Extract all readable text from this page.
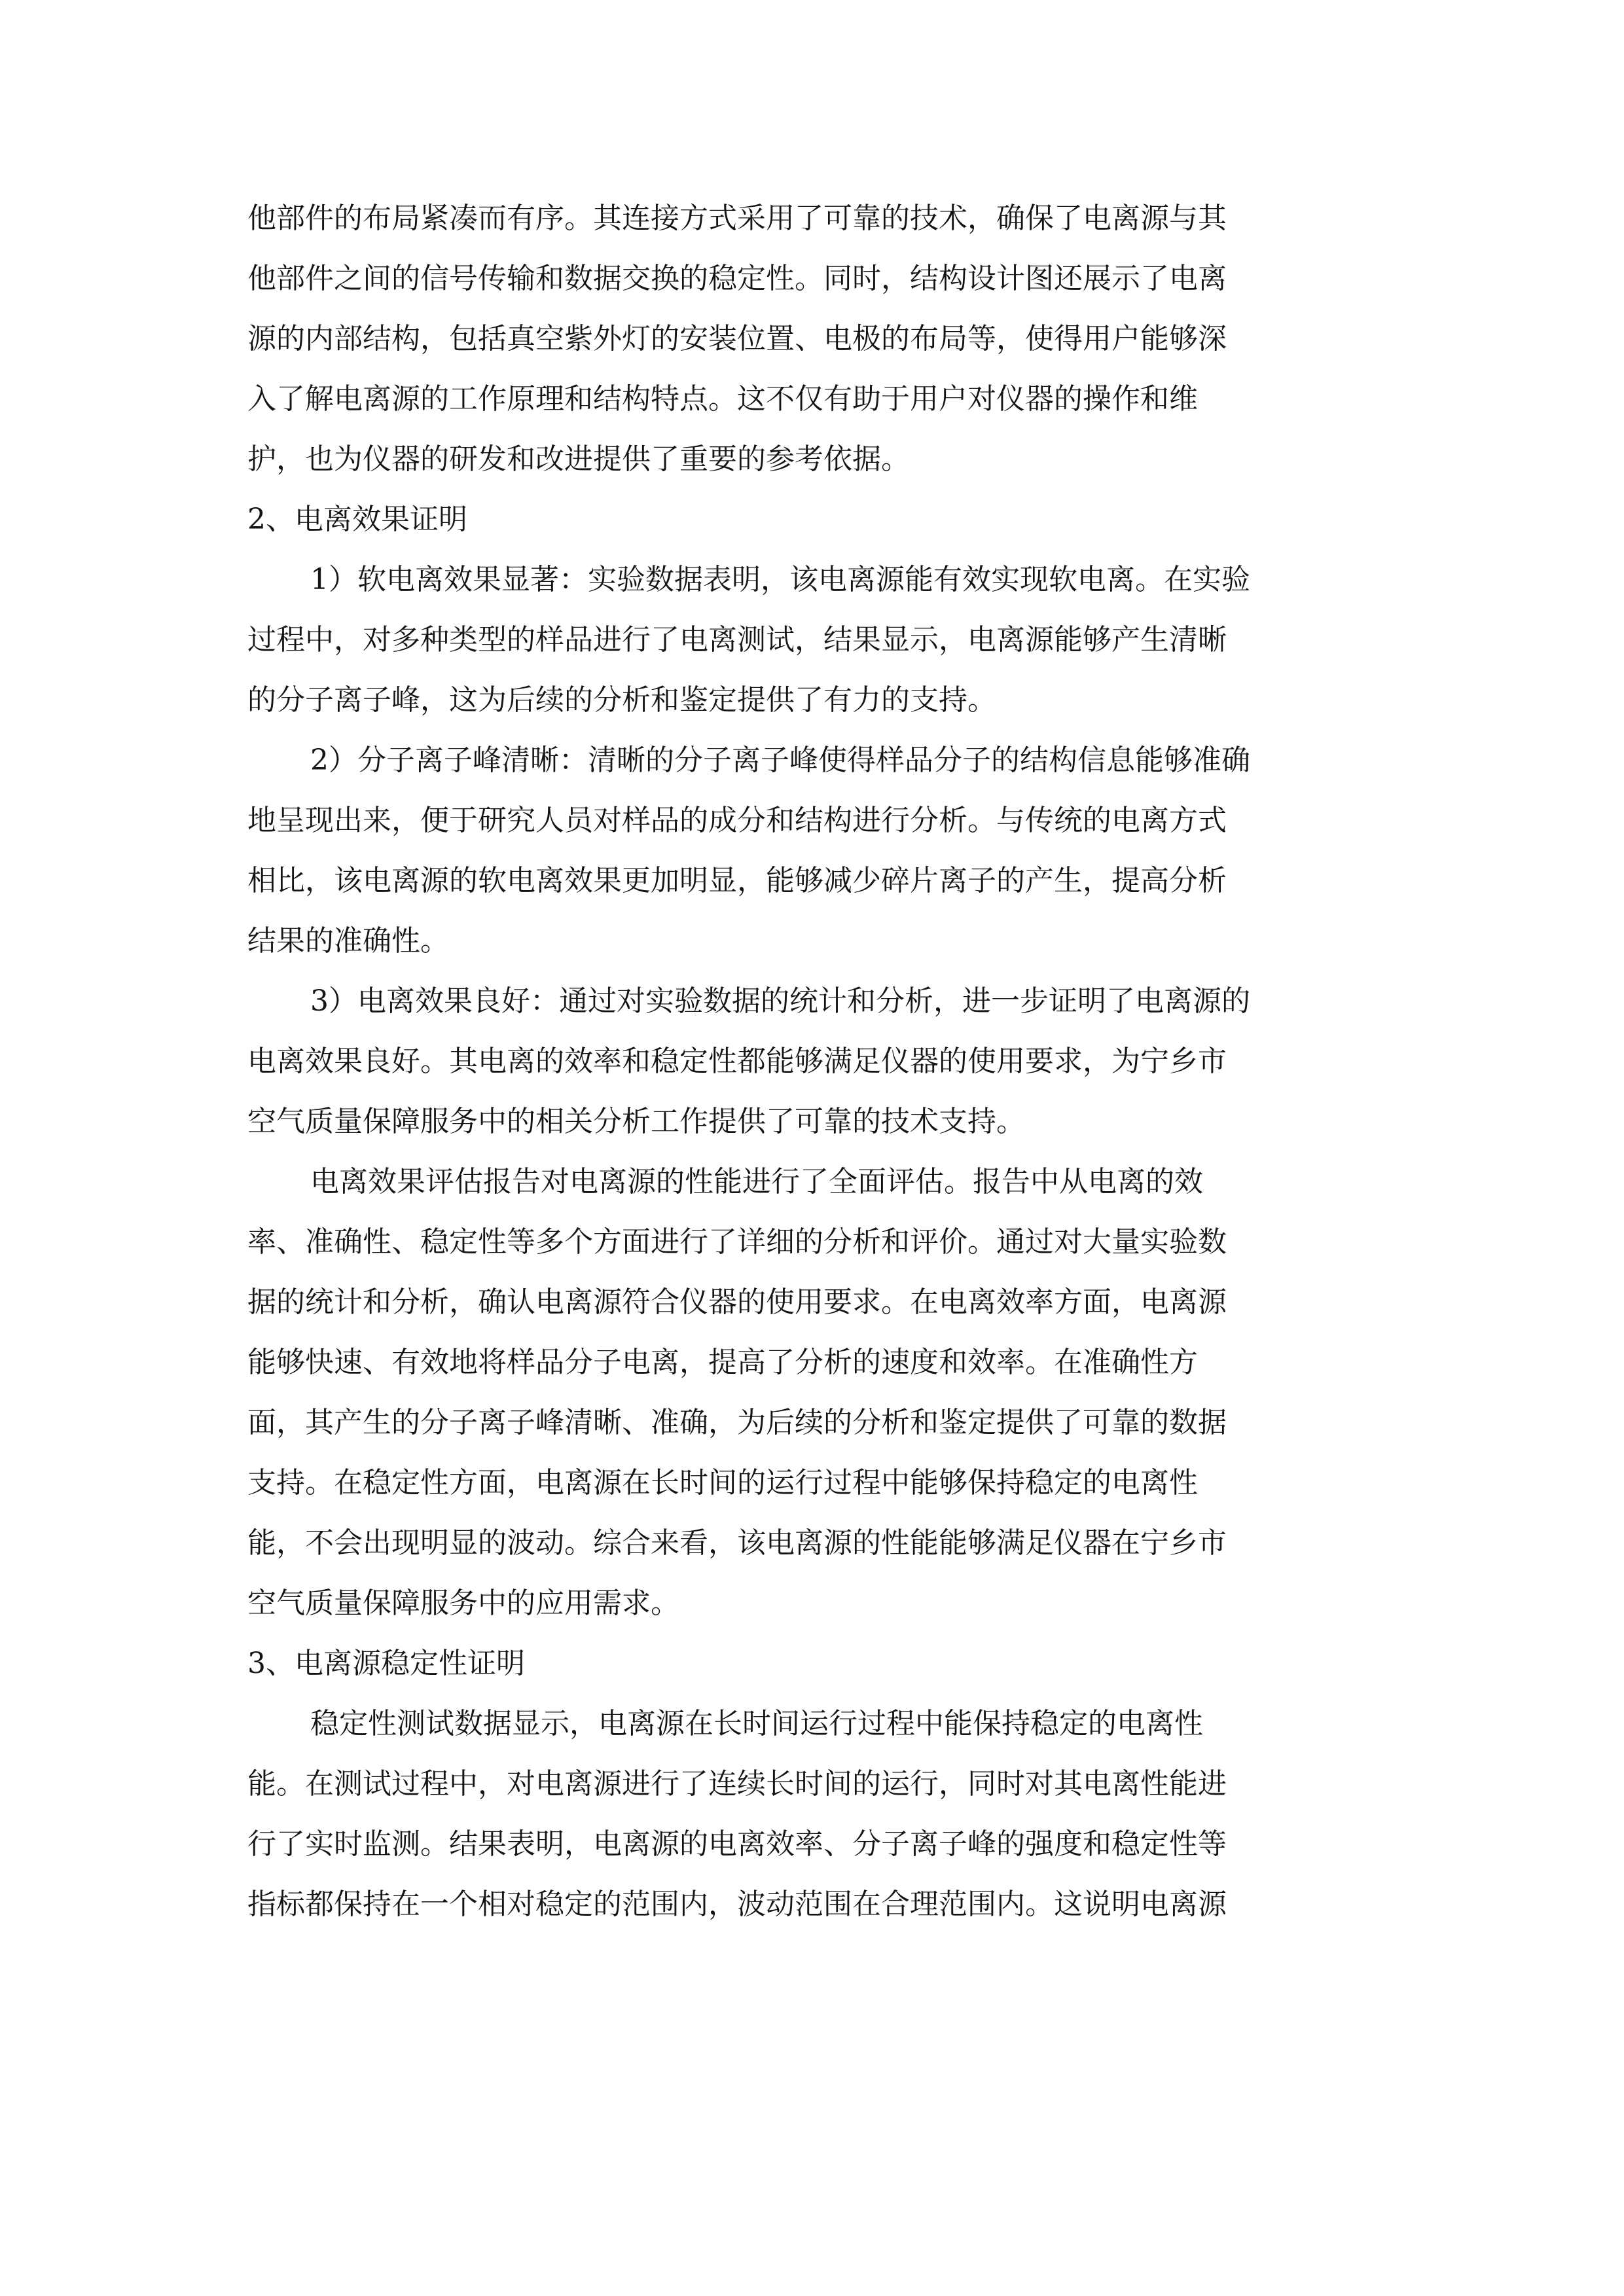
他部件的布局紧凑而有序。其连接方式采用了可靠的技术，确保了电离源与其

他部件之间的信号传输和数据交换的稳定性。同时，结构设计图还展示了电离

源的内部结构，包括真空紫外灯的安装位置、电极的布局等，使得用户能够深

入了解电离源的工作原理和结构特点。这不仅有助于用户对仪器的操作和维

护，也为仪器的研发和改进提供了重要的参考依据。

2、电离效果证明

1）软电离效果显著：实验数据表明，该电离源能有效实现软电离。在实验

过程中，对多种类型的样品进行了电离测试，结果显示，电离源能够产生清晰

的分子离子峰，这为后续的分析和鉴定提供了有力的支持。

2）分子离子峰清晰：清晰的分子离子峰使得样品分子的结构信息能够准确

地呈现出来，便于研究人员对样品的成分和结构进行分析。与传统的电离方式

相比，该电离源的软电离效果更加明显，能够减少碎片离子的产生，提高分析

结果的准确性。

3）电离效果良好：通过对实验数据的统计和分析，进一步证明了电离源的

电离效果良好。其电离的效率和稳定性都能够满足仪器的使用要求，为宁乡市

空气质量保障服务中的相关分析工作提供了可靠的技术支持。

电离效果评估报告对电离源的性能进行了全面评估。报告中从电离的效

率、准确性、稳定性等多个方面进行了详细的分析和评价。通过对大量实验数

据的统计和分析，确认电离源符合仪器的使用要求。在电离效率方面，电离源

能够快速、有效地将样品分子电离，提高了分析的速度和效率。在准确性方

面，其产生的分子离子峰清晰、准确，为后续的分析和鉴定提供了可靠的数据

支持。在稳定性方面，电离源在长时间的运行过程中能够保持稳定的电离性

能，不会出现明显的波动。综合来看，该电离源的性能能够满足仪器在宁乡市

空气质量保障服务中的应用需求。

3、电离源稳定性证明

稳定性测试数据显示，电离源在长时间运行过程中能保持稳定的电离性

能。在测试过程中，对电离源进行了连续长时间的运行，同时对其电离性能进

行了实时监测。结果表明，电离源的电离效率、分子离子峰的强度和稳定性等

指标都保持在一个相对稳定的范围内，波动范围在合理范围内。这说明电离源
